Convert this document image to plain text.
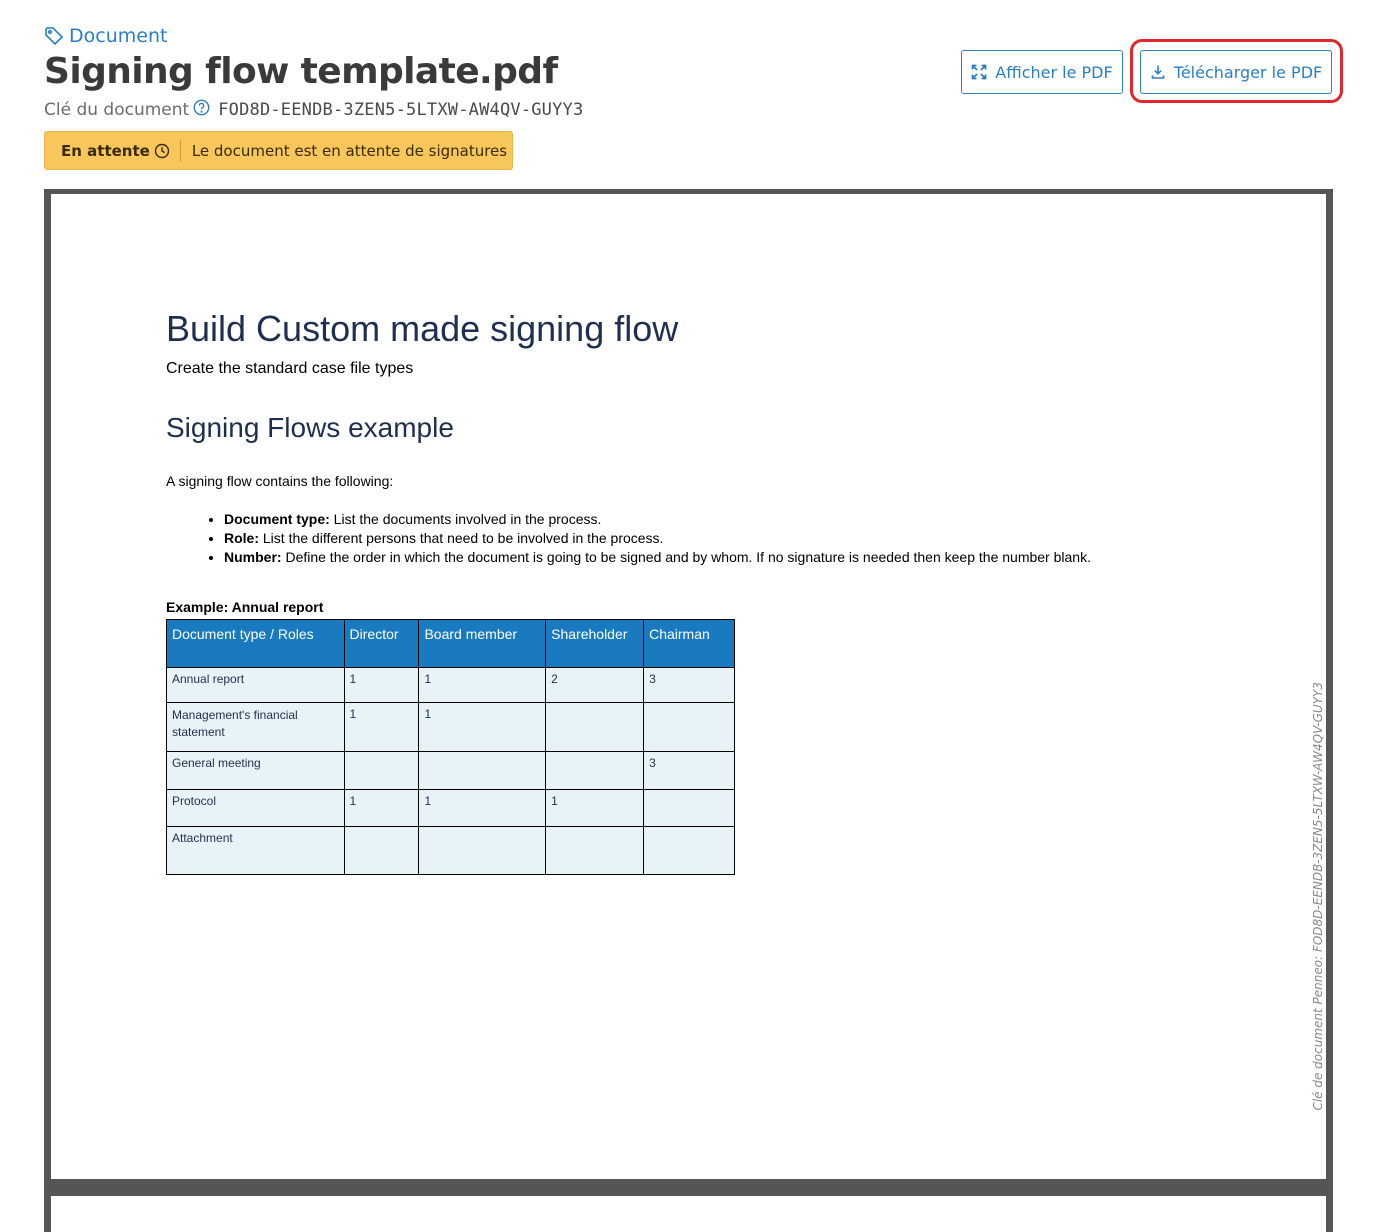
Document
Signing flow template.pdf
Clé du document FOD8D-EENDB-3ZEN5-5LTXW-AW4QV-GUYY3
En attente	Le document est en attente de signatures
Afficher le PDF	Télécharger le PDF
Build Custom made signing flow

Create the standard case file types

Signing Flows example

A signing flow contains the following:

• Document type: List the documents involved in the process.
• Role: List the different persons that need to be involved in the process.
• Number: Define the order in which the document is going to be signed and by whom. If no signature is needed then keep the number blank.

Example: Annual report

Document type / Roles	Director	Board member	Shareholder	Chairman
Annual report	1	1	2	3
Management's financial statement	1	1		
General meeting				3
Protocol	1	1	1	
Attachment					Clé de document Penneo: FOD8D-EENDB-3ZEN5-5LTXW-AW4QV-GUYY3
